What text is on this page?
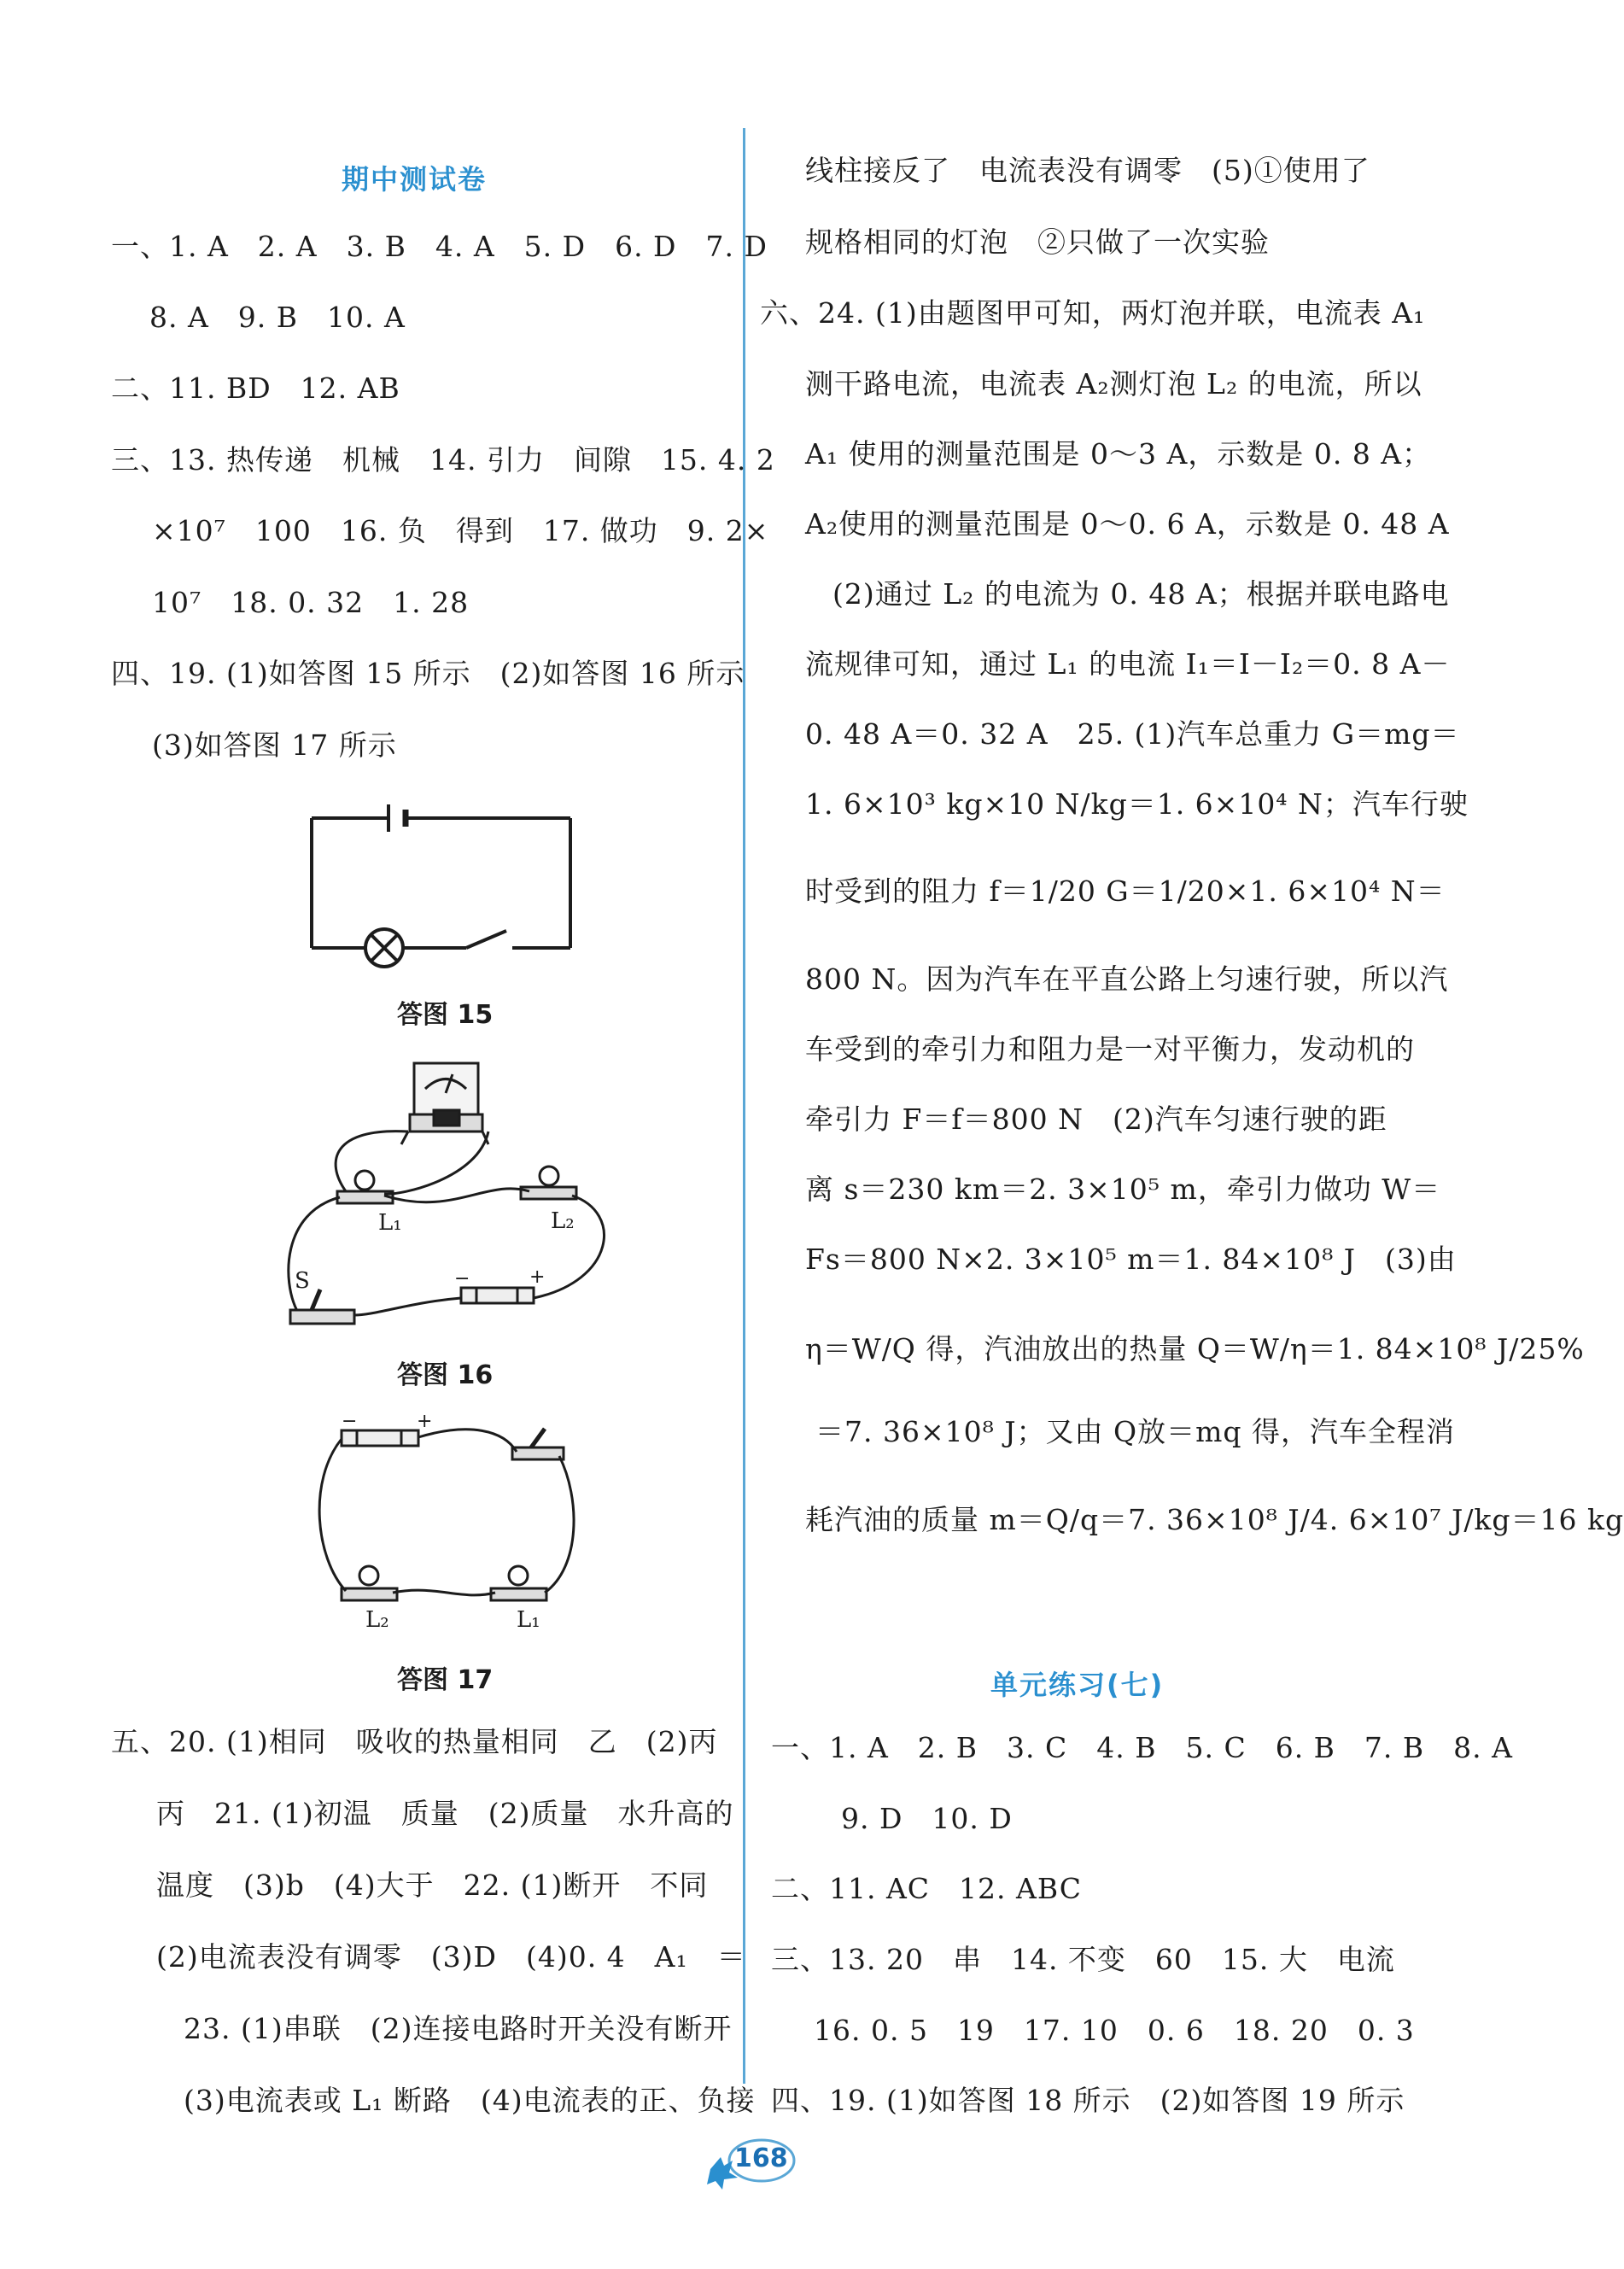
期中测试卷
一、1. A　2. A　3. B　4. A　5. D　6. D　7. D
8. A　9. B　10. A
二、11. BD　12. AB
三、13. 热传递　机械　14. 引力　间隙　15. 4. 2
×10⁷　100　16. 负　得到　17. 做功　9. 2×
10⁷　18. 0. 32　1. 28
四、19. (1)如答图 15 所示　(2)如答图 16 所示
(3)如答图 17 所示
答图 15
L₁	L₂
S	−	+
答图 16
L₂	L₁
−	+
答图 17
五、20. (1)相同　吸收的热量相同　乙　(2)丙
丙　21. (1)初温　质量　(2)质量　水升高的
温度　(3)b　(4)大于　22. (1)断开　不同
(2)电流表没有调零　(3)D　(4)0. 4　A₁　＝
23. (1)串联　(2)连接电路时开关没有断开
(3)电流表或 L₁ 断路　(4)电流表的正、负接
线柱接反了　电流表没有调零　(5)①使用了
规格相同的灯泡　②只做了一次实验
六、24. (1)由题图甲可知，两灯泡并联，电流表 A₁
测干路电流，电流表 A₂测灯泡 L₂ 的电流，所以
A₁ 使用的测量范围是 0～3 A，示数是 0. 8 A；
A₂使用的测量范围是 0～0. 6 A，示数是 0. 48 A
(2)通过 L₂ 的电流为 0. 48 A；根据并联电路电
流规律可知，通过 L₁ 的电流 I₁＝I－I₂＝0. 8 A－
0. 48 A＝0. 32 A　25. (1)汽车总重力 G＝mg＝
1. 6×10³ kg×10 N/kg＝1. 6×10⁴ N；汽车行驶
时受到的阻力 f＝1/20 G＝1/20×1. 6×10⁴ N＝
800 N。因为汽车在平直公路上匀速行驶，所以汽
车受到的牵引力和阻力是一对平衡力，发动机的
牵引力 F＝f＝800 N　(2)汽车匀速行驶的距
离 s＝230 km＝2. 3×10⁵ m，牵引力做功 W＝
Fs＝800 N×2. 3×10⁵ m＝1. 84×10⁸ J　(3)由
η＝W/Q 得，汽油放出的热量 Q＝W/η＝1. 84×10⁸ J/25%
＝7. 36×10⁸ J；又由 Q放＝mq 得，汽车全程消
耗汽油的质量 m＝Q/q＝7. 36×10⁸ J/4. 6×10⁷ J/kg＝16 kg
单元练习(七)
一、1. A　2. B　3. C　4. B　5. C　6. B　7. B　8. A
9. D　10. D
二、11. AC　12. ABC
三、13. 20　串　14. 不变　60　15. 大　电流
16. 0. 5　19　17. 10　0. 6　18. 20　0. 3
四、19. (1)如答图 18 所示　(2)如答图 19 所示
168
